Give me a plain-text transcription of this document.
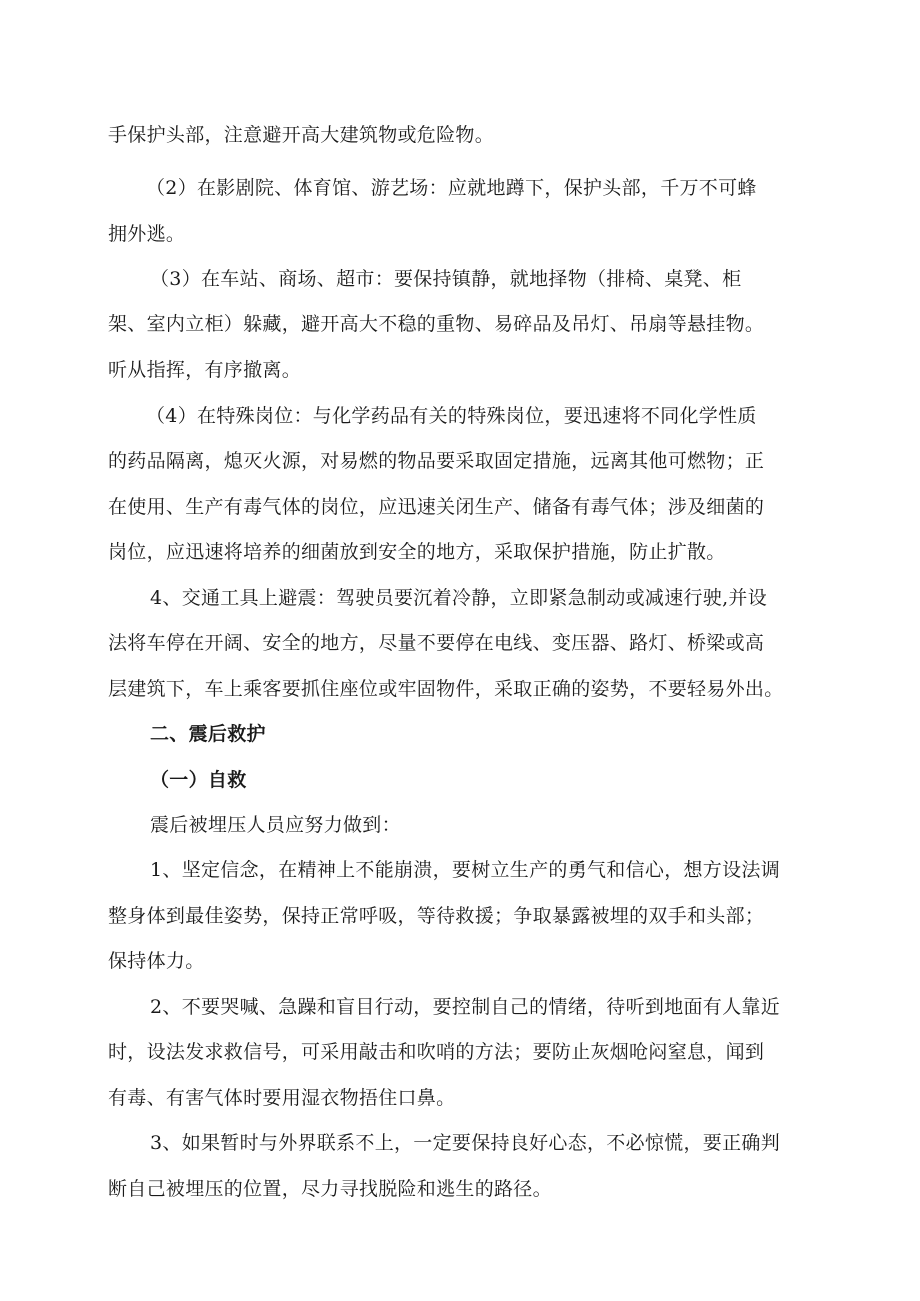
手保护头部，注意避开高大建筑物或危险物。
（2）在影剧院、体育馆、游艺场：应就地蹲下，保护头部，千万不可蜂
拥外逃。
（3）在车站、商场、超市：要保持镇静，就地择物（排椅、桌凳、柜
架、室内立柜）躲藏，避开高大不稳的重物、易碎品及吊灯、吊扇等悬挂物。
听从指挥，有序撤离。
（4）在特殊岗位：与化学药品有关的特殊岗位，要迅速将不同化学性质
的药品隔离，熄灭火源，对易燃的物品要采取固定措施，远离其他可燃物；正
在使用、生产有毒气体的岗位，应迅速关闭生产、储备有毒气体；涉及细菌的
岗位，应迅速将培养的细菌放到安全的地方，采取保护措施，防止扩散。
4、交通工具上避震：驾驶员要沉着冷静，立即紧急制动或减速行驶,并设
法将车停在开阔、安全的地方，尽量不要停在电线、变压器、路灯、桥梁或高
层建筑下，车上乘客要抓住座位或牢固物件，采取正确的姿势，不要轻易外出。
二、震后救护
（一）自救
震后被埋压人员应努力做到：
1、坚定信念，在精神上不能崩溃，要树立生产的勇气和信心，想方设法调
整身体到最佳姿势，保持正常呼吸，等待救援；争取暴露被埋的双手和头部；
保持体力。
2、不要哭喊、急躁和盲目行动，要控制自己的情绪，待听到地面有人靠近
时，设法发求救信号，可采用敲击和吹哨的方法；要防止灰烟呛闷窒息，闻到
有毒、有害气体时要用湿衣物捂住口鼻。
3、如果暂时与外界联系不上，一定要保持良好心态，不必惊慌，要正确判
断自己被埋压的位置，尽力寻找脱险和逃生的路径。
